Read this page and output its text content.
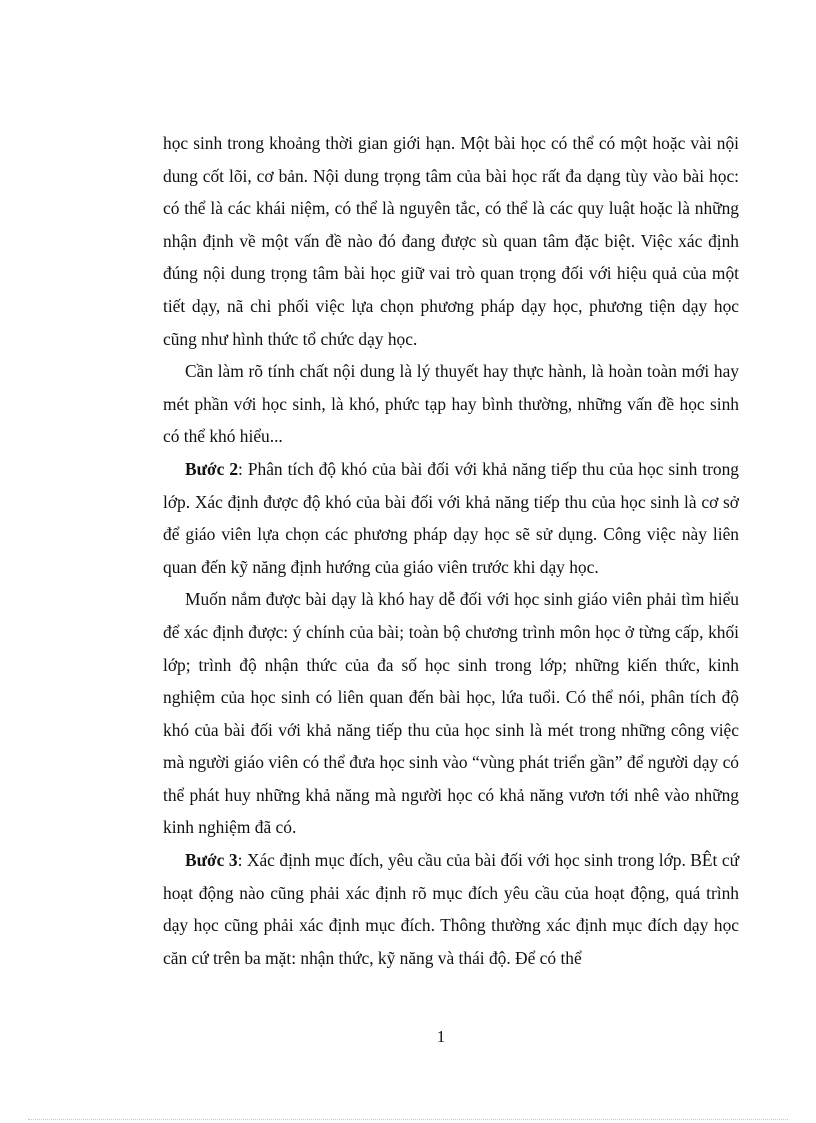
học sinh trong khoảng thời gian giới hạn. Một bài học có thể có một hoặc vài nội dung cốt lõi, cơ bản. Nội dung trọng tâm của bài học rất đa dạng tùy vào bài học: có thể là các khái niệm, có thể là nguyên tắc, có thể là các quy luật hoặc là những nhận định về một vấn đề nào đó đang được sù quan tâm đặc biệt. Việc xác định đúng nội dung trọng tâm bài học giữ vai trò quan trọng đối với hiệu quả của một tiết dạy, nã chi phối việc lựa chọn phương pháp dạy học, phương tiện dạy học cũng như hình thức tổ chức dạy học.

Cần làm rõ tính chất nội dung là lý thuyết hay thực hành, là hoàn toàn mới hay mét phần với học sinh, là khó, phức tạp hay bình thường, những vấn đề học sinh có thể khó hiểu...

Bước 2: Phân tích độ khó của bài đối với khả năng tiếp thu của học sinh trong lớp. Xác định được độ khó của bài đối với khả năng tiếp thu của học sinh là cơ sở để giáo viên lựa chọn các phương pháp dạy học sẽ sử dụng. Công việc này liên quan đến kỹ năng định hướng của giáo viên trước khi dạy học.

Muốn nắm được bài dạy là khó hay dễ đối với học sinh giáo viên phải tìm hiểu để xác định được: ý chính của bài; toàn bộ chương trình môn học ở từng cấp, khối lớp; trình độ nhận thức của đa số học sinh trong lớp; những kiến thức, kinh nghiệm của học sinh có liên quan đến bài học, lứa tuổi. Có thể nói, phân tích độ khó của bài đối với khả năng tiếp thu của học sinh là mét trong những công việc mà người giáo viên có thể đưa học sinh vào “vùng phát triển gần” để người dạy có thể phát huy những khả năng mà người học có khả năng vươn tới nhê vào những kinh nghiệm đã có.

Bước 3: Xác định mục đích, yêu cầu của bài đối với học sinh trong lớp. BÊt cứ hoạt động nào cũng phải xác định rõ mục đích yêu cầu của hoạt động, quá trình dạy học cũng phải xác định mục đích. Thông thường xác định mục đích dạy học căn cứ trên ba mặt: nhận thức, kỹ năng và thái độ. Để có thể

1
